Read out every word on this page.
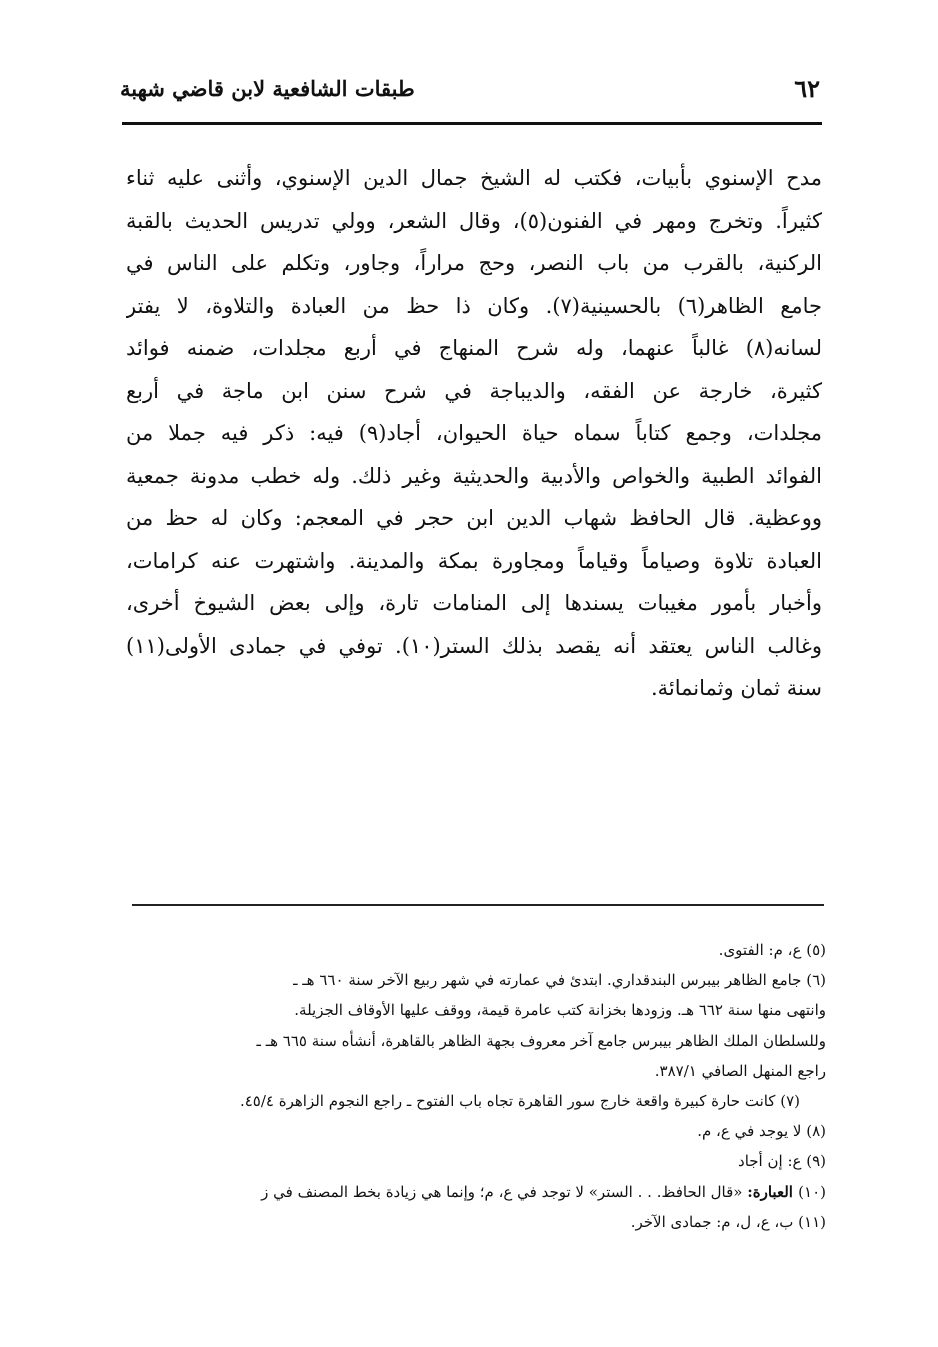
٦٢
طبقات الشافعية لابن قاضي شهبة
مدح الإسنوي بأبيات، فكتب له الشيخ جمال الدين الإسنوي، وأثنى عليه ثناء
كثيراً. وتخرج ومهر في الفنون(٥)، وقال الشعر، وولي تدريس الحديث بالقبة
الركنية، بالقرب من باب النصر، وحج مراراً، وجاور، وتكلم على الناس في
جامع الظاهر(٦) بالحسينية(٧). وكان ذا حظ من العبادة والتلاوة، لا يفتر
لسانه(٨) غالباً عنهما، وله شرح المنهاج في أربع مجلدات، ضمنه فوائد
كثيرة، خارجة عن الفقه، والديباجة في شرح سنن ابن ماجة في أربع
مجلدات، وجمع كتاباً سماه حياة الحيوان، أجاد(٩) فيه: ذكر فيه جملا من
الفوائد الطبية والخواص والأدبية والحديثية وغير ذلك. وله خطب مدونة جمعية
ووعظية. قال الحافظ شهاب الدين ابن حجر في المعجم: وكان له حظ من
العبادة تلاوة وصياماً وقياماً ومجاورة بمكة والمدينة. واشتهرت عنه كرامات،
وأخبار بأمور مغيبات يسندها إلى المنامات تارة، وإلى بعض الشيوخ أخرى،
وغالب الناس يعتقد أنه يقصد بذلك الستر(١٠). توفي في جمادى الأولى(١١)
سنة ثمان وثمانمائة.
(٥) ع، م: الفتوى.
(٦) جامع الظاهر بيبرس البندقداري. ابتدئ في عمارته في شهر ربيع الآخر سنة ٦٦٠ هـ ـ
وانتهى منها سنة ٦٦٢ هـ. وزودها بخزانة كتب عامرة قيمة، ووقف عليها الأوقاف الجزيلة.
وللسلطان الملك الظاهر بيبرس جامع آخر معروف بجهة الظاهر بالقاهرة، أنشأه سنة ٦٦٥ هـ ـ
راجع المنهل الصافي ٣٨٧/١.
(٧) كانت حارة كبيرة واقعة خارج سور القاهرة تجاه باب الفتوح ـ راجع النجوم الزاهرة ٤٥/٤.
(٨) لا يوجد في ع، م.
(٩) ع: إن أجاد
(١٠) العبارة: «قال الحافظ. . . الستر» لا توجد في ع، م؛ وإنما هي زيادة بخط المصنف في ز
(١١) ب، ع، ل، م: جمادى الآخر.
